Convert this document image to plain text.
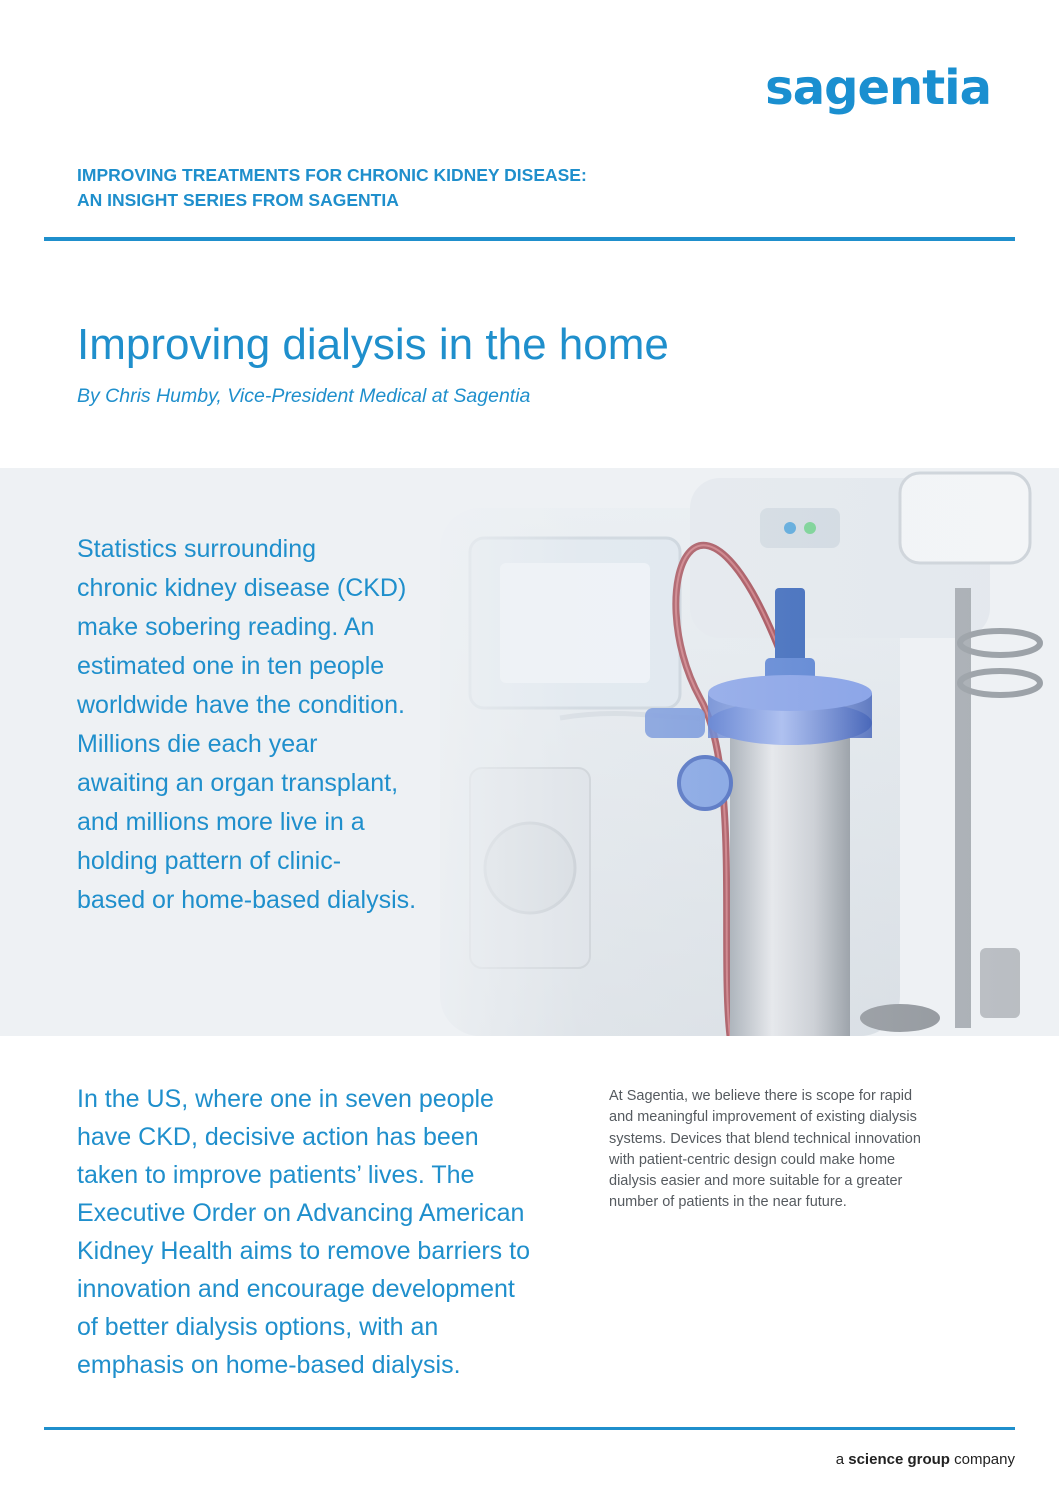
sagentia
IMPROVING TREATMENTS FOR CHRONIC KIDNEY DISEASE:
AN INSIGHT SERIES FROM SAGENTIA
Improving dialysis in the home
By Chris Humby, Vice-President Medical at Sagentia
Statistics surrounding
chronic kidney disease (CKD)
make sobering reading. An
estimated one in ten people
worldwide have the condition.
Millions die each year
awaiting an organ transplant,
and millions more live in a
holding pattern of clinic-
based or home-based dialysis.
In the US, where one in seven people
have CKD, decisive action has been
taken to improve patients’ lives. The
Executive Order on Advancing American
Kidney Health aims to remove barriers to
innovation and encourage development
of better dialysis options, with an
emphasis on home-based dialysis.
At Sagentia, we believe there is scope for rapid
and meaningful improvement of existing dialysis
systems. Devices that blend technical innovation
with patient-centric design could make home
dialysis easier and more suitable for a greater
number of patients in the near future.
a science group company
